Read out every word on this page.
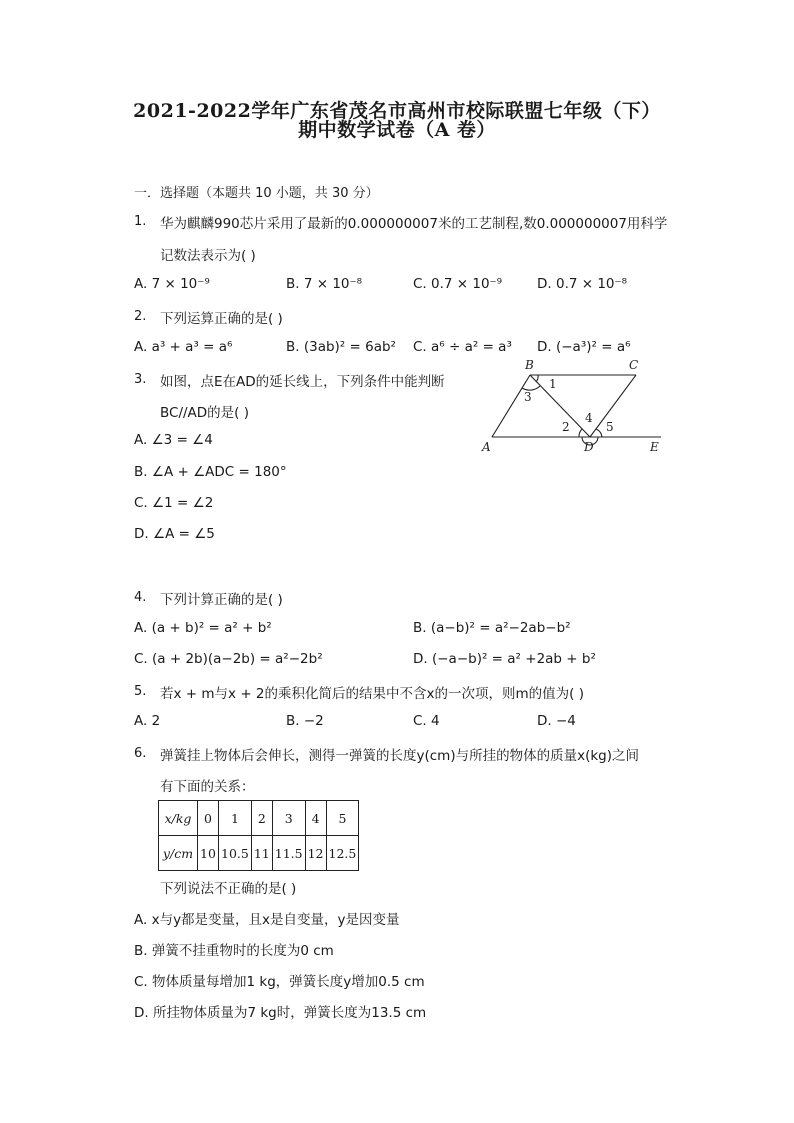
2021-2022学年广东省茂名市高州市校际联盟七年级（下）
期中数学试卷（A 卷）
一．选择题（本题共 10 小题，共 30 分）
1. 华为麒麟990芯片采用了最新的0.000000007米的工艺制程,数0.000000007用科学
记数法表示为( )
A. 7 × 10⁻⁹	B. 7 × 10⁻⁸	C. 0.7 × 10⁻⁹	D. 0.7 × 10⁻⁸
2. 下列运算正确的是( )
A. a³ + a³ = a⁶	B. (3ab)² = 6ab² C. a⁶ ÷ a² = a³ D. (−a³)² = a⁶
3. 如图，点E在AD的延长线上，下列条件中能判断
BC//AD的是( )
A. ∠3 = ∠4
B. ∠A + ∠ADC = 180°
C. ∠1 = ∠2
D. ∠A = ∠5
A
B	C
D	E
1
2
3
4
5
4. 下列计算正确的是( )
A. (a + b)² = a² + b²	B. (a−b)² = a²−2ab−b²
C. (a + 2b)(a−2b) = a²−2b²	D. (−a−b)² = a² +2ab + b²
5. 若x + m与x + 2的乘积化简后的结果中不含x的一次项，则m的值为( )
A. 2	B. −2	C. 4	D. −4
6. 弹簧挂上物体后会伸长，测得一弹簧的长度y(cm)与所挂的物体的质量x(kg)之间
有下面的关系：
x/kg	0	1	2	3	4	5
y/cm	10	10.5	11	11.5	12	12.5
下列说法不正确的是( )
A. x与y都是变量，且x是自变量，y是因变量
B. 弹簧不挂重物时的长度为0 cm
C. 物体质量每增加1 kg，弹簧长度y增加0.5 cm
D. 所挂物体质量为7 kg时，弹簧长度为13.5 cm
